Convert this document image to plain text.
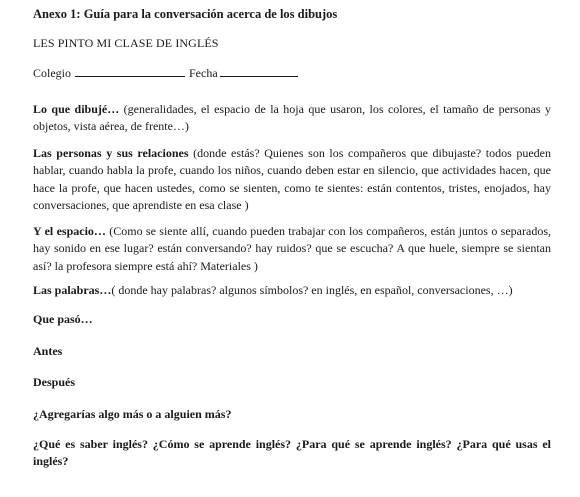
Anexo 1: Guía para la conversación acerca de los dibujos

LES PINTO MI CLASE DE INGLÉS

Colegio	Fecha

Lo que dibujé… (generalidades, el espacio de la hoja que usaron, los colores, el tamaño de personas y objetos, vista aérea, de frente…)

Las personas y sus relaciones (donde estás? Quienes son los compañeros que dibujaste? todos pueden hablar, cuando habla la profe, cuando los niños, cuando deben estar en silencio, que actividades hacen, que hace la profe, que hacen ustedes, como se sienten, como te sientes: están contentos, tristes, enojados, hay conversaciones, que aprendiste en esa clase )

Y el espacio… (Como se siente allí, cuando pueden trabajar con los compañeros, están juntos o separados, hay sonido en ese lugar? están conversando? hay ruidos? que se escucha? A que huele, siempre se sientan así? la profesora siempre está ahí? Materiales )

Las palabras…( donde hay palabras? algunos símbolos? en inglés, en español, conversaciones, …)

Que pasó…

Antes

Después

¿Agregarías algo más o a alguien más?

¿Qué es saber inglés? ¿Cómo se aprende inglés? ¿Para qué se aprende inglés? ¿Para qué usas el inglés?
